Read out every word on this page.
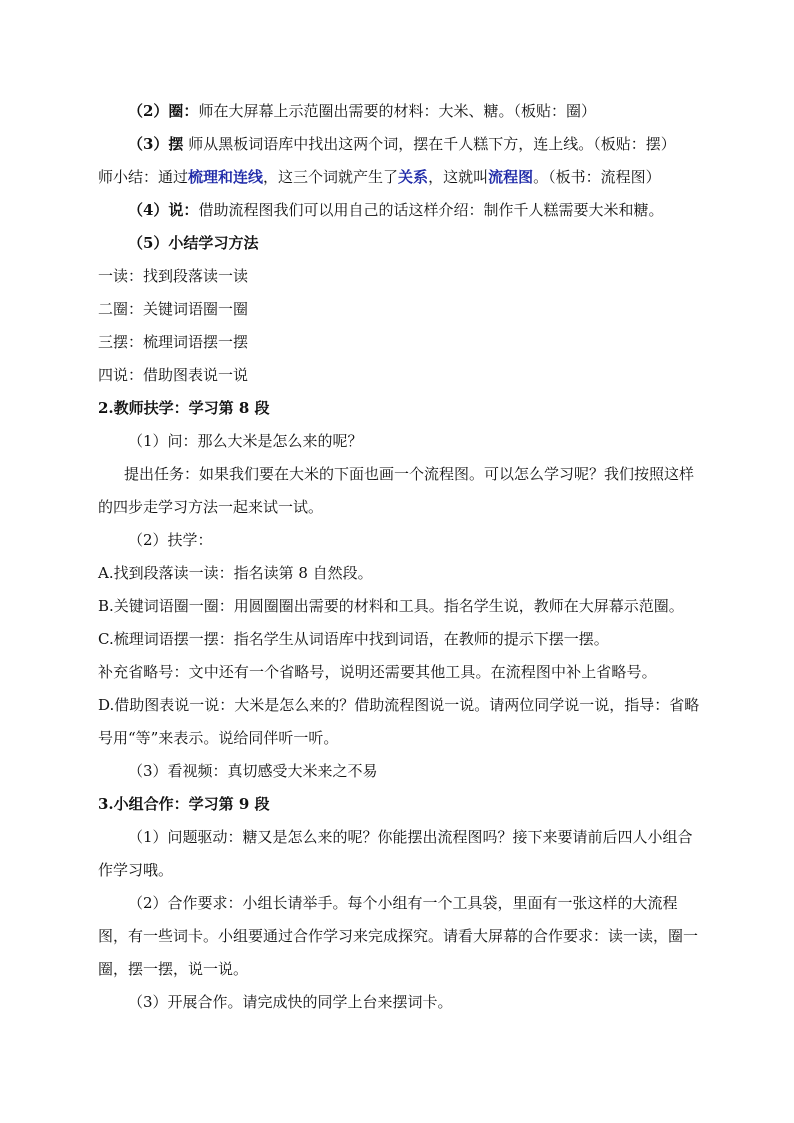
（2）圈：师在大屏幕上示范圈出需要的材料：大米、糖。（板贴：圈）

（3）摆 师从黑板词语库中找出这两个词，摆在千人糕下方，连上线。（板贴：摆）

师小结：通过梳理和连线，这三个词就产生了关系，这就叫流程图。（板书：流程图）

（4）说：借助流程图我们可以用自己的话这样介绍：制作千人糕需要大米和糖。

（5）小结学习方法

一读：找到段落读一读

二圈：关键词语圈一圈

三摆：梳理词语摆一摆

四说：借助图表说一说

2.教师扶学：学习第 8 段

（1）问：那么大米是怎么来的呢？

提出任务：如果我们要在大米的下面也画一个流程图。可以怎么学习呢？我们按照这样的四步走学习方法一起来试一试。

（2）扶学：

A.找到段落读一读：指名读第 8 自然段。

B.关键词语圈一圈：用圆圈圈出需要的材料和工具。指名学生说，教师在大屏幕示范圈。

C.梳理词语摆一摆：指名学生从词语库中找到词语，在教师的提示下摆一摆。

补充省略号：文中还有一个省略号，说明还需要其他工具。在流程图中补上省略号。

D.借助图表说一说：大米是怎么来的？借助流程图说一说。请两位同学说一说，指导：省略号用“等”来表示。说给同伴听一听。

（3）看视频：真切感受大米来之不易

3.小组合作：学习第 9 段

（1）问题驱动：糖又是怎么来的呢？你能摆出流程图吗？接下来要请前后四人小组合作学习哦。

（2）合作要求：小组长请举手。每个小组有一个工具袋，里面有一张这样的大流程图，有一些词卡。小组要通过合作学习来完成探究。请看大屏幕的合作要求：读一读，圈一圈，摆一摆，说一说。

（3）开展合作。请完成快的同学上台来摆词卡。
